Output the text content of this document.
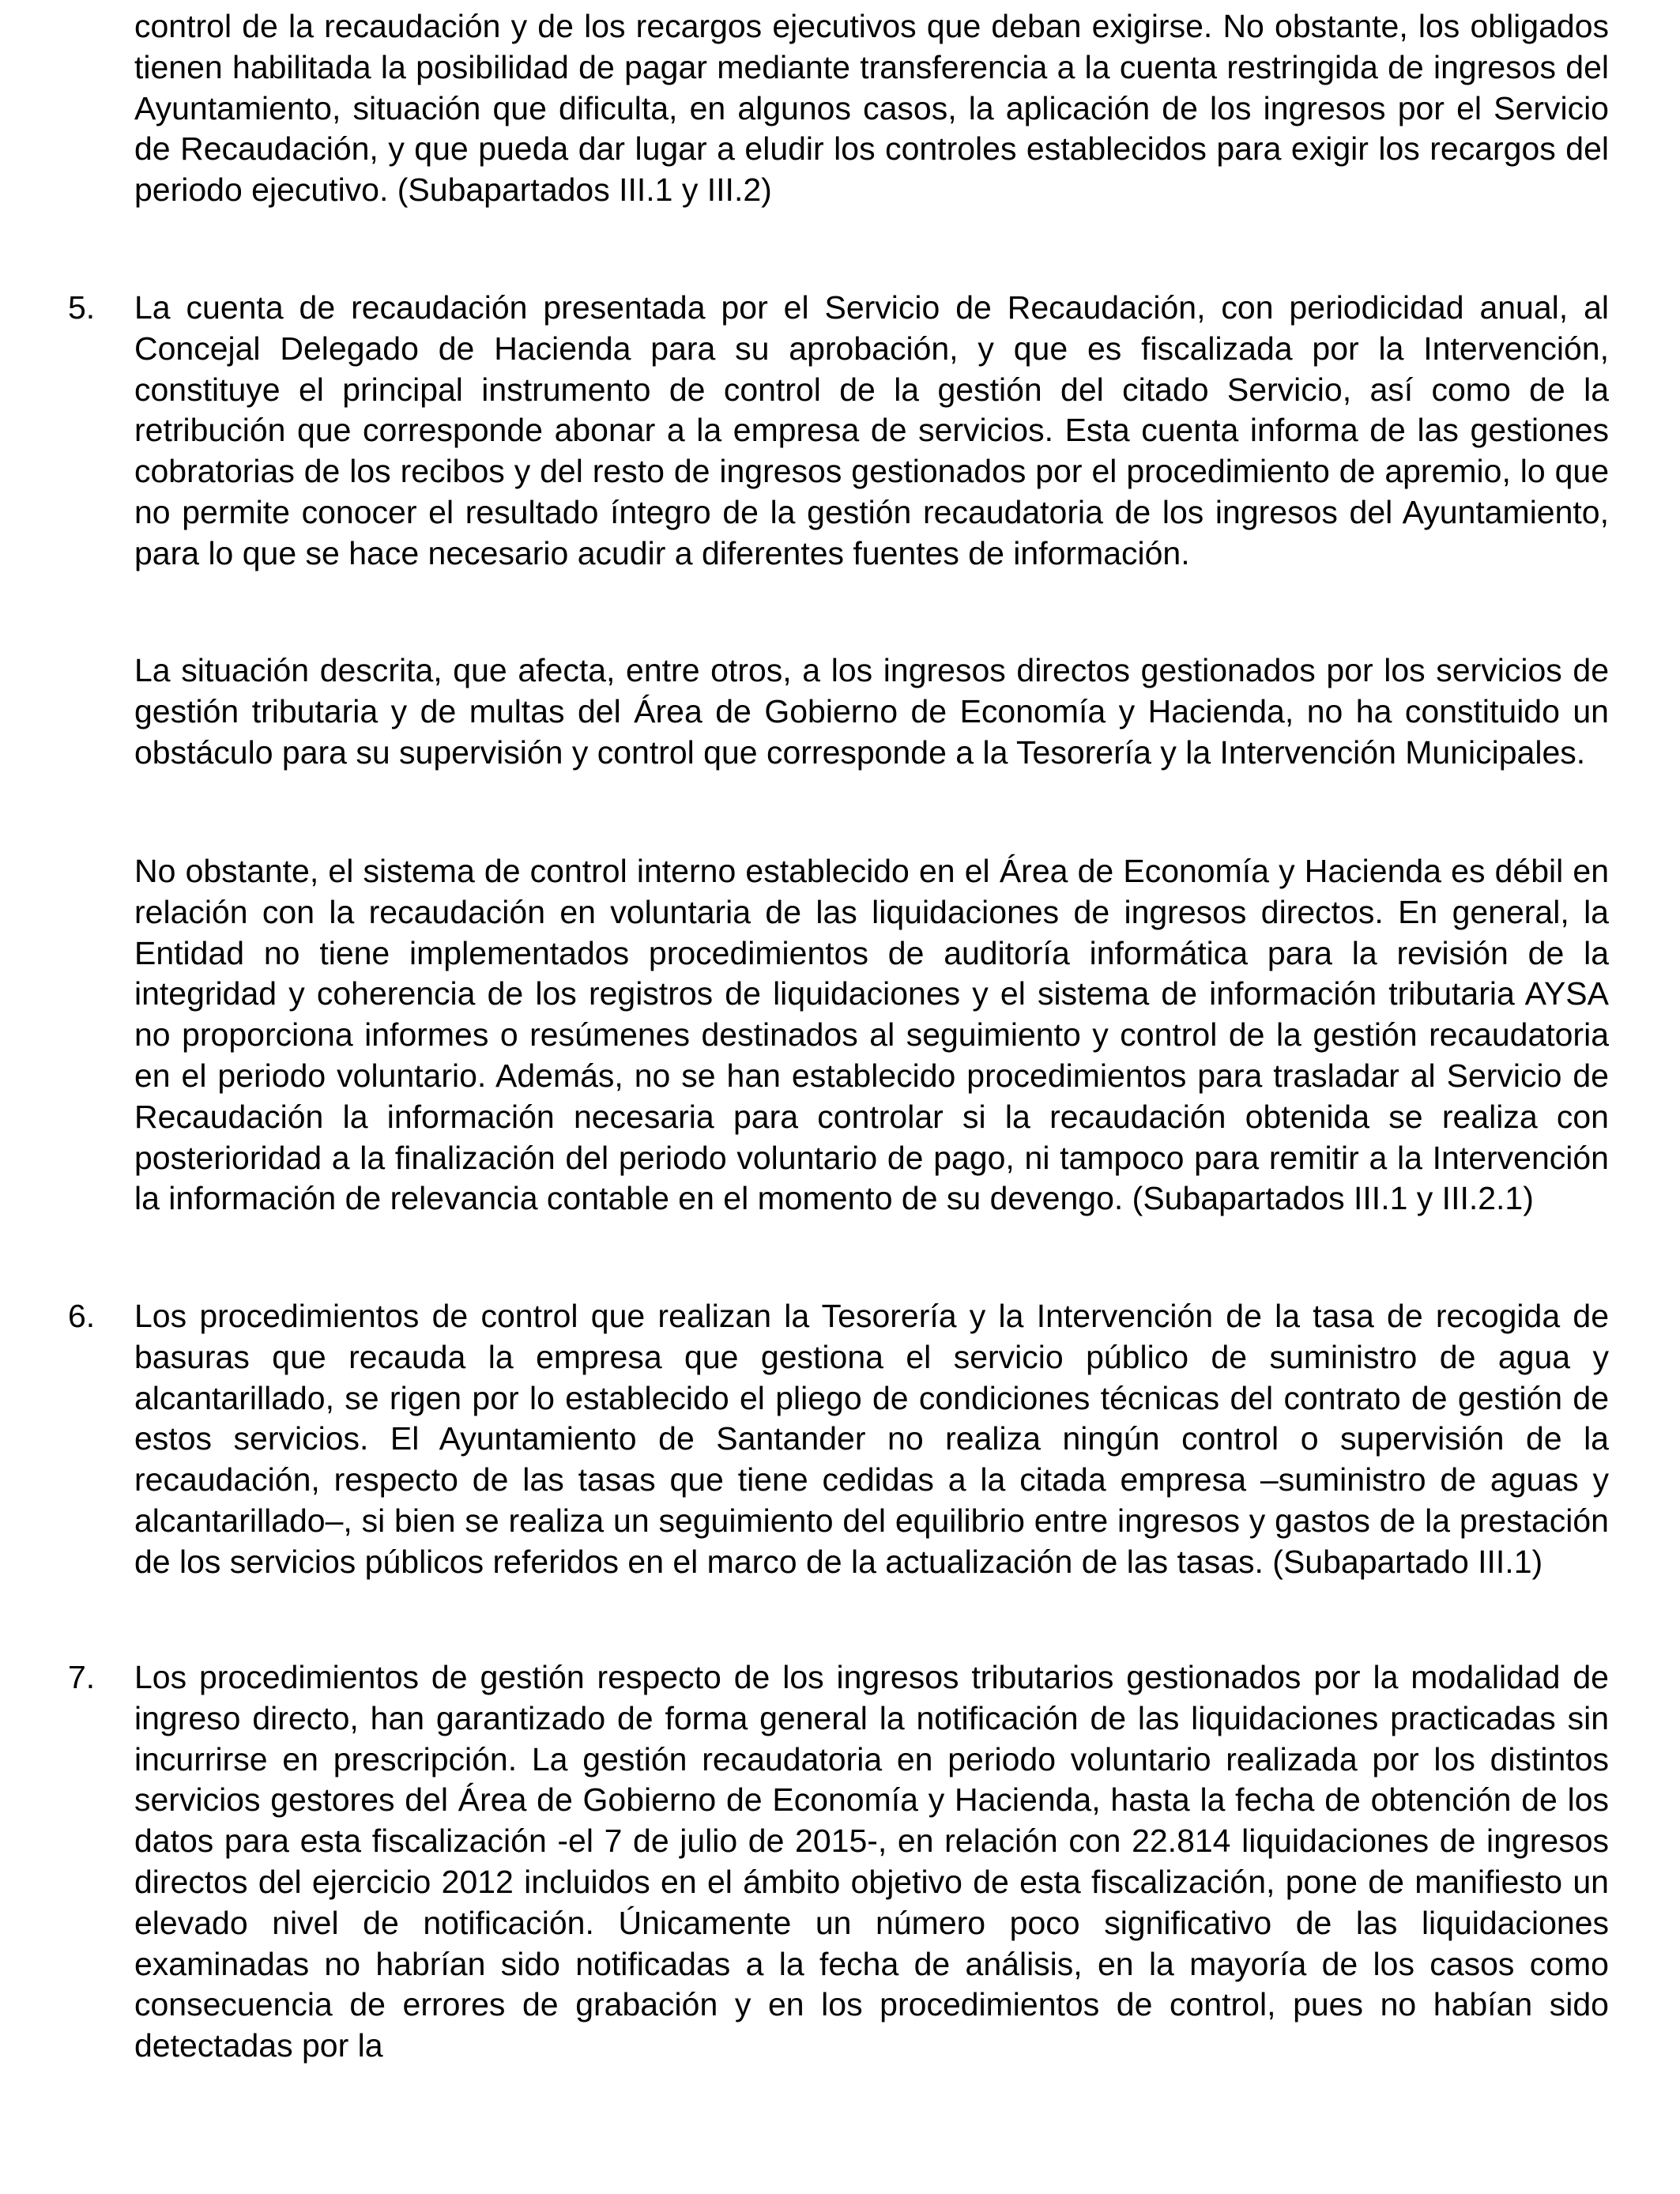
control de la recaudación y de los recargos ejecutivos que deban exigirse. No obstante, los obligados tienen habilitada la posibilidad de pagar mediante transferencia a la cuenta restringida de ingresos del Ayuntamiento, situación que dificulta, en algunos casos, la aplicación de los ingresos por el Servicio de Recaudación, y que pueda dar lugar a eludir los controles establecidos para exigir los recargos del periodo ejecutivo. (Subapartados III.1 y III.2)

5. La cuenta de recaudación presentada por el Servicio de Recaudación, con periodicidad anual, al Concejal Delegado de Hacienda para su aprobación, y que es fiscalizada por la Intervención, constituye el principal instrumento de control de la gestión del citado Servicio, así como de la retribución que corresponde abonar a la empresa de servicios. Esta cuenta informa de las gestiones cobratorias de los recibos y del resto de ingresos gestionados por el procedimiento de apremio, lo que no permite conocer el resultado íntegro de la gestión recaudatoria de los ingresos del Ayuntamiento, para lo que se hace necesario acudir a diferentes fuentes de información.

La situación descrita, que afecta, entre otros, a los ingresos directos gestionados por los servicios de gestión tributaria y de multas del Área de Gobierno de Economía y Hacienda, no ha constituido un obstáculo para su supervisión y control que corresponde a la Tesorería y la Intervención Municipales.

No obstante, el sistema de control interno establecido en el Área de Economía y Hacienda es débil en relación con la recaudación en voluntaria de las liquidaciones de ingresos directos. En general, la Entidad no tiene implementados procedimientos de auditoría informática para la revisión de la integridad y coherencia de los registros de liquidaciones y el sistema de información tributaria AYSA no proporciona informes o resúmenes destinados al seguimiento y control de la gestión recaudatoria en el periodo voluntario. Además, no se han establecido procedimientos para trasladar al Servicio de Recaudación la información necesaria para controlar si la recaudación obtenida se realiza con posterioridad a la finalización del periodo voluntario de pago, ni tampoco para remitir a la Intervención la información de relevancia contable en el momento de su devengo. (Subapartados III.1 y III.2.1)

6. Los procedimientos de control que realizan la Tesorería y la Intervención de la tasa de recogida de basuras que recauda la empresa que gestiona el servicio público de suministro de agua y alcantarillado, se rigen por lo establecido el pliego de condiciones técnicas del contrato de gestión de estos servicios. El Ayuntamiento de Santander no realiza ningún control o supervisión de la recaudación, respecto de las tasas que tiene cedidas a la citada empresa –suministro de aguas y alcantarillado–, si bien se realiza un seguimiento del equilibrio entre ingresos y gastos de la prestación de los servicios públicos referidos en el marco de la actualización de las tasas. (Subapartado III.1)

7. Los procedimientos de gestión respecto de los ingresos tributarios gestionados por la modalidad de ingreso directo, han garantizado de forma general la notificación de las liquidaciones practicadas sin incurrirse en prescripción. La gestión recaudatoria en periodo voluntario realizada por los distintos servicios gestores del Área de Gobierno de Economía y Hacienda, hasta la fecha de obtención de los datos para esta fiscalización -el 7 de julio de 2015-, en relación con 22.814 liquidaciones de ingresos directos del ejercicio 2012 incluidos en el ámbito objetivo de esta fiscalización, pone de manifiesto un elevado nivel de notificación. Únicamente un número poco significativo de las liquidaciones examinadas no habrían sido notificadas a la fecha de análisis, en la mayoría de los casos como consecuencia de errores de grabación y en los procedimientos de control, pues no habían sido detectadas por la
